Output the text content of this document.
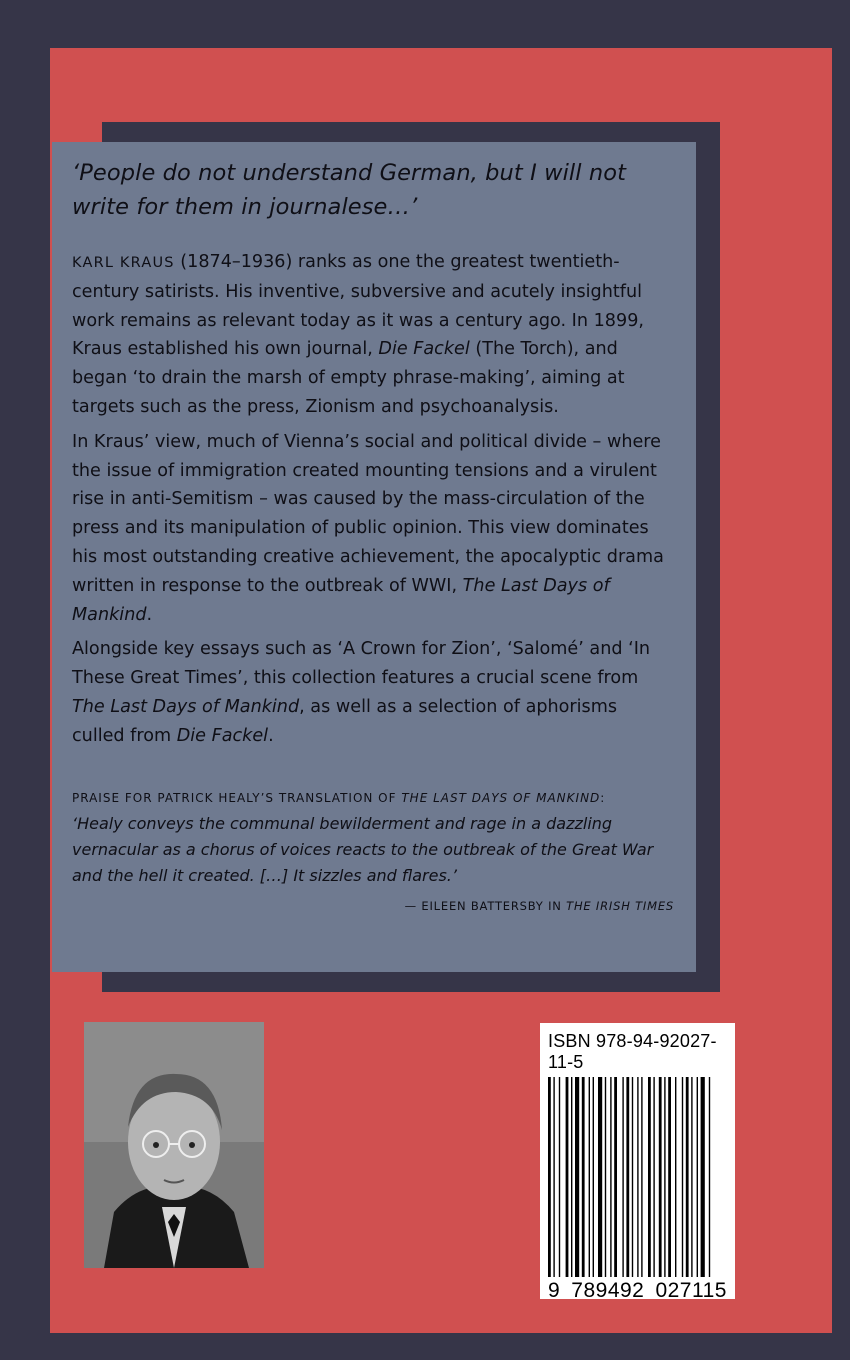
‘People do not understand German, but I will not write for them in journalese…’

KARL KRAUS (1874–1936) ranks as one the greatest twentieth-century satirists. His inventive, subversive and acutely insightful work remains as relevant today as it was a century ago. In 1899, Kraus established his own journal, Die Fackel (The Torch), and began ‘to drain the marsh of empty phrase-making’, aiming at targets such as the press, Zionism and psychoanalysis.

In Kraus’ view, much of Vienna’s social and political divide – where the issue of immigration created mounting tensions and a virulent rise in anti-Semitism – was caused by the mass-circulation of the press and its manipulation of public opinion. This view dominates his most outstanding creative achievement, the apocalyptic drama written in response to the outbreak of WWI, The Last Days of Mankind.

Alongside key essays such as ‘A Crown for Zion’, ‘Salomé’ and ‘In These Great Times’, this collection features a crucial scene from The Last Days of Mankind, as well as a selection of aphorisms culled from Die Fackel.

PRAISE FOR PATRICK HEALY’S TRANSLATION OF THE LAST DAYS OF MANKIND:

‘Healy conveys the communal bewilderment and rage in a dazzling vernacular as a chorus of voices reacts to the outbreak of the Great War and the hell it created. […] It sizzles and flares.’

— EILEEN BATTERSBY IN THE IRISH TIMES
ISBN 978-94-92027-11-5
9 789492 027115
